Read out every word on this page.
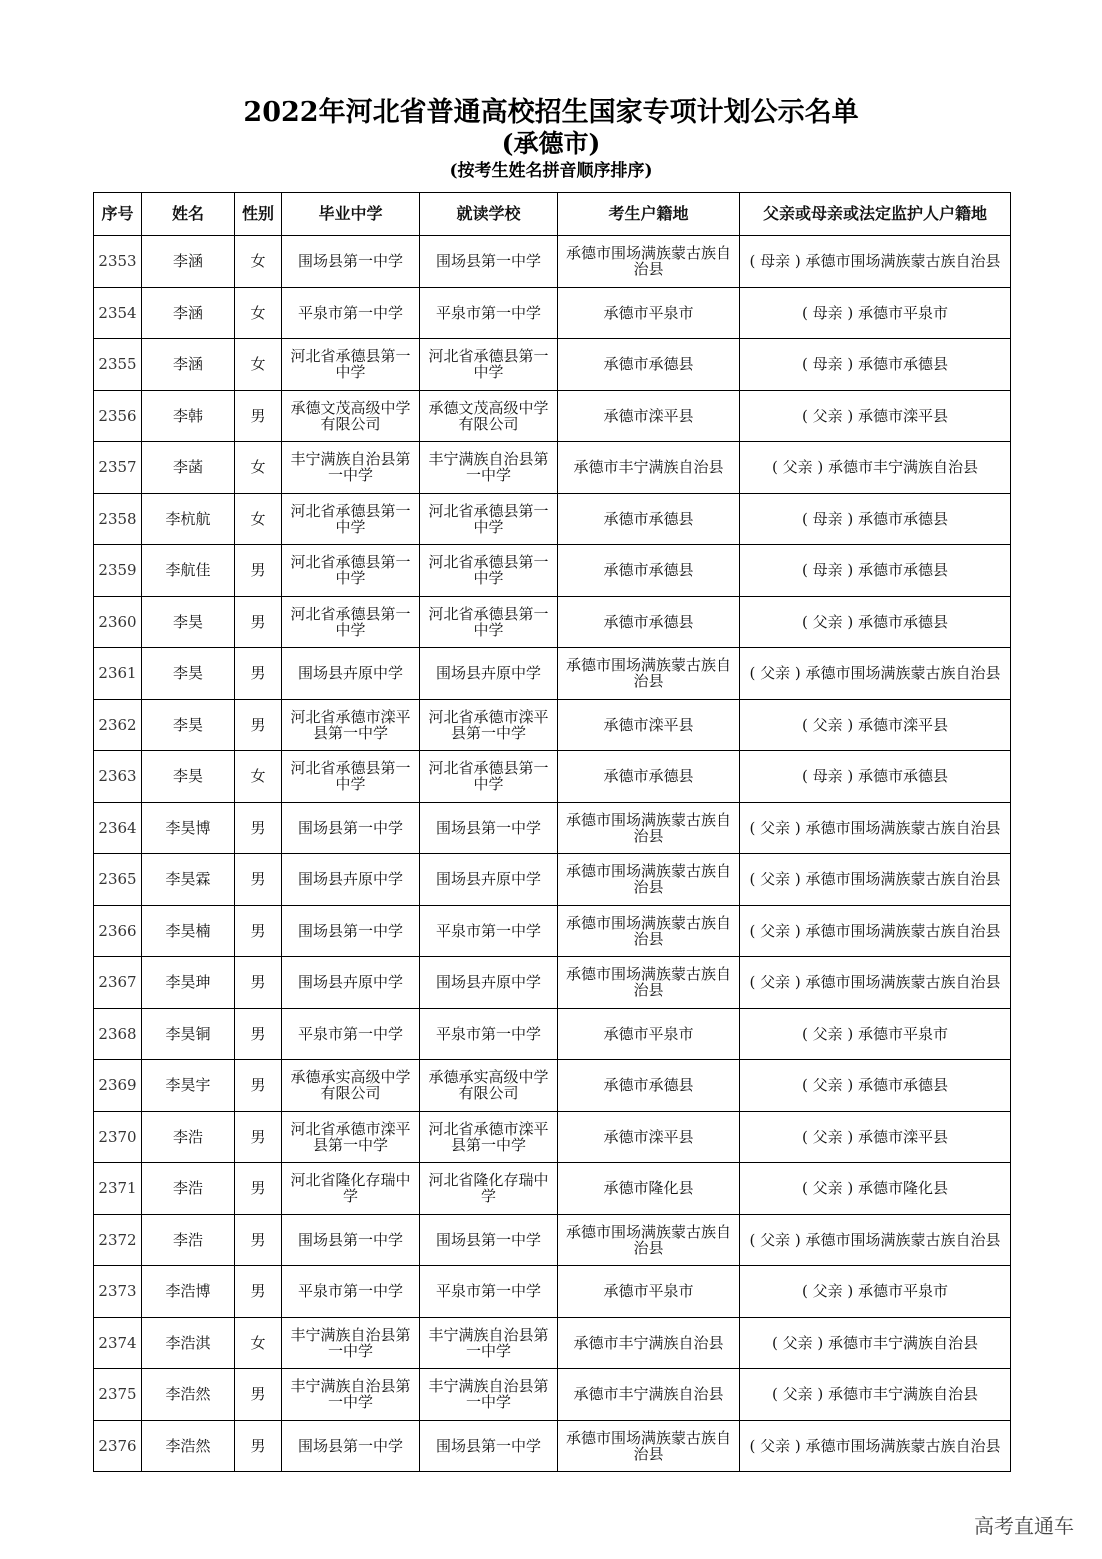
2022年河北省普通高校招生国家专项计划公示名单
(承德市)
(按考生姓名拼音顺序排序)
序号	姓名	性别	毕业中学	就读学校	考生户籍地	父亲或母亲或法定监护人户籍地
2353	李涵	女	围场县第一中学	围场县第一中学	承德市围场满族蒙古族自治县	( 母亲 ) 承德市围场满族蒙古族自治县
2354	李涵	女	平泉市第一中学	平泉市第一中学	承德市平泉市	( 母亲 ) 承德市平泉市
2355	李涵	女	河北省承德县第一中学	河北省承德县第一中学	承德市承德县	( 母亲 ) 承德市承德县
2356	李韩	男	承德文茂高级中学有限公司	承德文茂高级中学有限公司	承德市滦平县	( 父亲 ) 承德市滦平县
2357	李菡	女	丰宁满族自治县第一中学	丰宁满族自治县第一中学	承德市丰宁满族自治县	( 父亲 ) 承德市丰宁满族自治县
2358	李杭航	女	河北省承德县第一中学	河北省承德县第一中学	承德市承德县	( 母亲 ) 承德市承德县
2359	李航佳	男	河北省承德县第一中学	河北省承德县第一中学	承德市承德县	( 母亲 ) 承德市承德县
2360	李昊	男	河北省承德县第一中学	河北省承德县第一中学	承德市承德县	( 父亲 ) 承德市承德县
2361	李昊	男	围场县卉原中学	围场县卉原中学	承德市围场满族蒙古族自治县	( 父亲 ) 承德市围场满族蒙古族自治县
2362	李昊	男	河北省承德市滦平县第一中学	河北省承德市滦平县第一中学	承德市滦平县	( 父亲 ) 承德市滦平县
2363	李昊	女	河北省承德县第一中学	河北省承德县第一中学	承德市承德县	( 母亲 ) 承德市承德县
2364	李昊博	男	围场县第一中学	围场县第一中学	承德市围场满族蒙古族自治县	( 父亲 ) 承德市围场满族蒙古族自治县
2365	李昊霖	男	围场县卉原中学	围场县卉原中学	承德市围场满族蒙古族自治县	( 父亲 ) 承德市围场满族蒙古族自治县
2366	李昊楠	男	围场县第一中学	平泉市第一中学	承德市围场满族蒙古族自治县	( 父亲 ) 承德市围场满族蒙古族自治县
2367	李昊珅	男	围场县卉原中学	围场县卉原中学	承德市围场满族蒙古族自治县	( 父亲 ) 承德市围场满族蒙古族自治县
2368	李昊铜	男	平泉市第一中学	平泉市第一中学	承德市平泉市	( 父亲 ) 承德市平泉市
2369	李昊宇	男	承德承实高级中学有限公司	承德承实高级中学有限公司	承德市承德县	( 父亲 ) 承德市承德县
2370	李浩	男	河北省承德市滦平县第一中学	河北省承德市滦平县第一中学	承德市滦平县	( 父亲 ) 承德市滦平县
2371	李浩	男	河北省隆化存瑞中学	河北省隆化存瑞中学	承德市隆化县	( 父亲 ) 承德市隆化县
2372	李浩	男	围场县第一中学	围场县第一中学	承德市围场满族蒙古族自治县	( 父亲 ) 承德市围场满族蒙古族自治县
2373	李浩博	男	平泉市第一中学	平泉市第一中学	承德市平泉市	( 父亲 ) 承德市平泉市
2374	李浩淇	女	丰宁满族自治县第一中学	丰宁满族自治县第一中学	承德市丰宁满族自治县	( 父亲 ) 承德市丰宁满族自治县
2375	李浩然	男	丰宁满族自治县第一中学	丰宁满族自治县第一中学	承德市丰宁满族自治县	( 父亲 ) 承德市丰宁满族自治县
2376	李浩然	男	围场县第一中学	围场县第一中学	承德市围场满族蒙古族自治县	( 父亲 ) 承德市围场满族蒙古族自治县
高考直通车
